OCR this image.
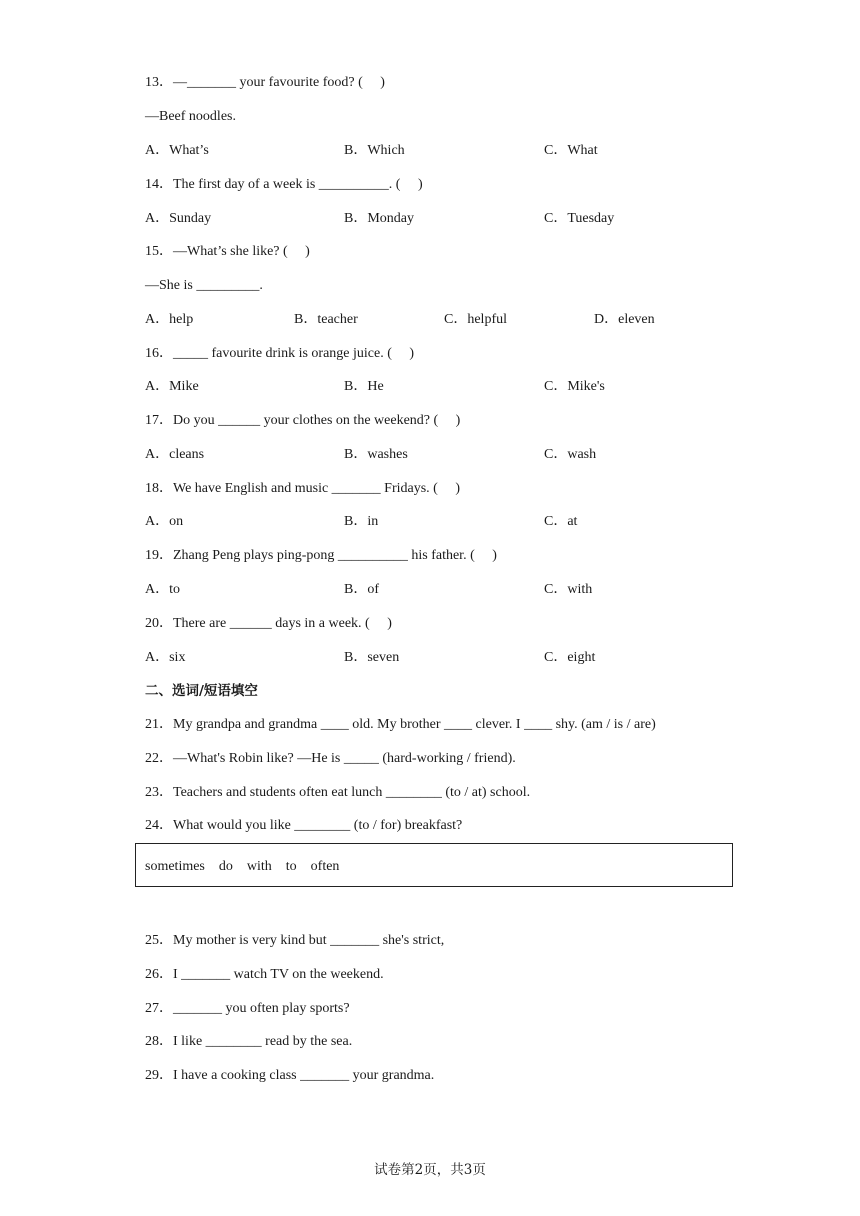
13．—_______ your favourite food? (     )
—Beef noodles.
A．What’s	B．Which	C．What
14．The first day of a week is __________. (     )
A．Sunday	B．Monday	C．Tuesday
15．—What’s she like? (     )
—She is _________.
A．help	B．teacher	C．helpful	D．eleven
16．_____ favourite drink is orange juice. (     )
A．Mike	B．He	C．Mike's
17．Do you ______ your clothes on the weekend? (     )
A．cleans	B．washes	C．wash
18．We have English and music _______ Fridays. (     )
A．on	B．in	C．at
19．Zhang Peng plays ping-pong __________ his father. (     )
A．to	B．of	C．with
20．There are ______ days in a week. (     )
A．six	B．seven	C．eight
二、选词/短语填空
21．My grandpa and grandma ____ old. My brother ____ clever. I ____ shy. (am / is / are)
22．—What's Robin like? —He is _____ (hard-working / friend).
23．Teachers and students often eat lunch ________ (to / at) school.
24．What would you like ________ (to / for) breakfast?
sometimes    do    with    to    often
25．My mother is very kind but _______ she's strict,
26．I _______ watch TV on the weekend.
27．_______ you often play sports?
28．I like ________ read by the sea.
29．I have a cooking class _______ your grandma.
试卷第2页，共3页
